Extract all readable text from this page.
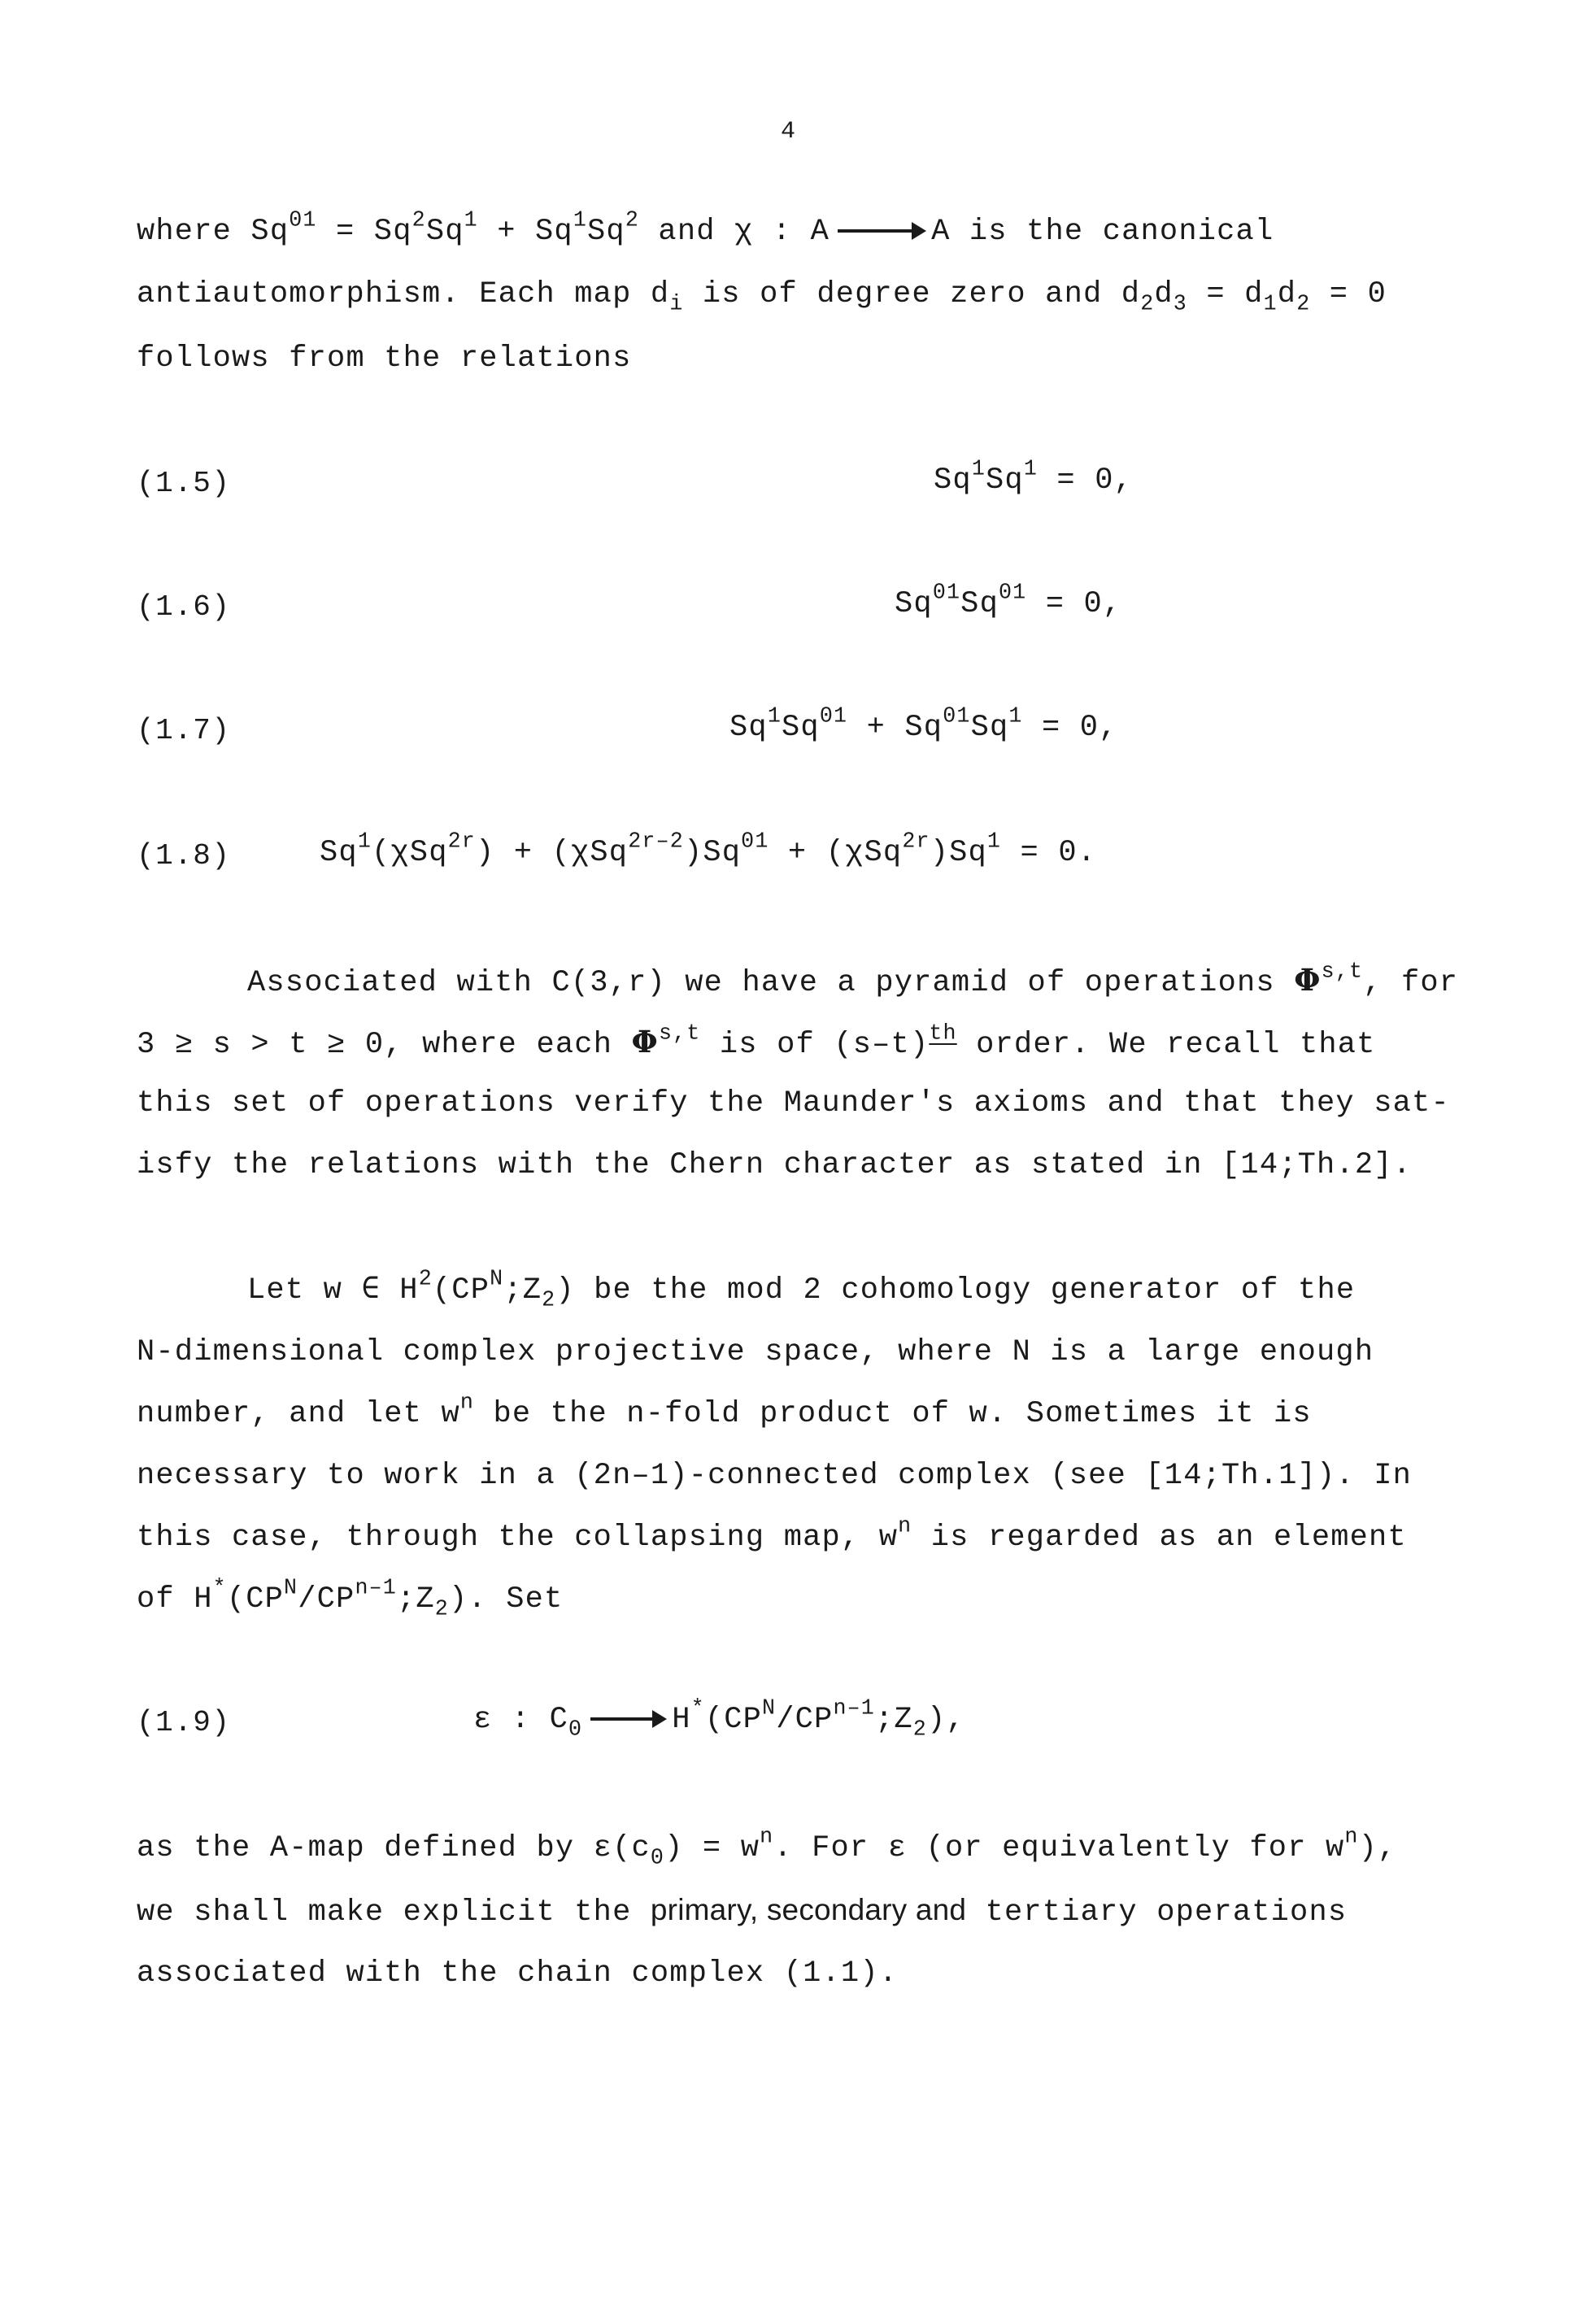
4
where $Sq^{01} = Sq^2Sq^1 + Sq^1Sq^2$ and χ : A	A is the canonical
antiautomorphism. Each map $d_i$ is of degree zero and $d_2d_3 = d_1d_2 = 0$
follows from the relations
(1.5)	$Sq^1Sq^1 = 0$,
(1.6)	$Sq^{01}Sq^{01} = 0$,
(1.7)	$Sq^1Sq^{01} + Sq^{01}Sq^1 = 0$,
(1.8)	$Sq^1(\chi Sq^{2r}) + (\chi Sq^{2r-2})Sq^{01} + (\chi Sq^{2r})Sq^1 = 0$.
Associated with C(3,r) we have a pyramid of operations Φ$^{s,t}$, for
3 ≥ s > t ≥ 0, where each Φ$^{s,t}$ is of $(s-t)^{th}$ order. We recall that
this set of operations verify the Maunder's axioms and that they sat-
isfy the relations with the Chern character as stated in [14;Th.2].
Let w ∈ $H^2(CP^N;Z_2)$ be the mod 2 cohomology generator of the
N-dimensional complex projective space, where N is a large enough
number, and let $w^n$ be the n-fold product of w. Sometimes it is
necessary to work in a (2n–1)-connected complex (see [14;Th.1]). In
this case, through the collapsing map, $w^n$ is regarded as an element
of $H^*(CP^N/CP^{n-1};Z_2)$. Set
(1.9)	ε : $C_0$	$H^*(CP^N/CP^{n-1};Z_2)$,
as the A-map defined by $\varepsilon(c_0) = w^n$. For ε (or equivalently for $w^n$),
we shall make explicit the primary, secondary and tertiary operations
associated with the chain complex (1.1).
